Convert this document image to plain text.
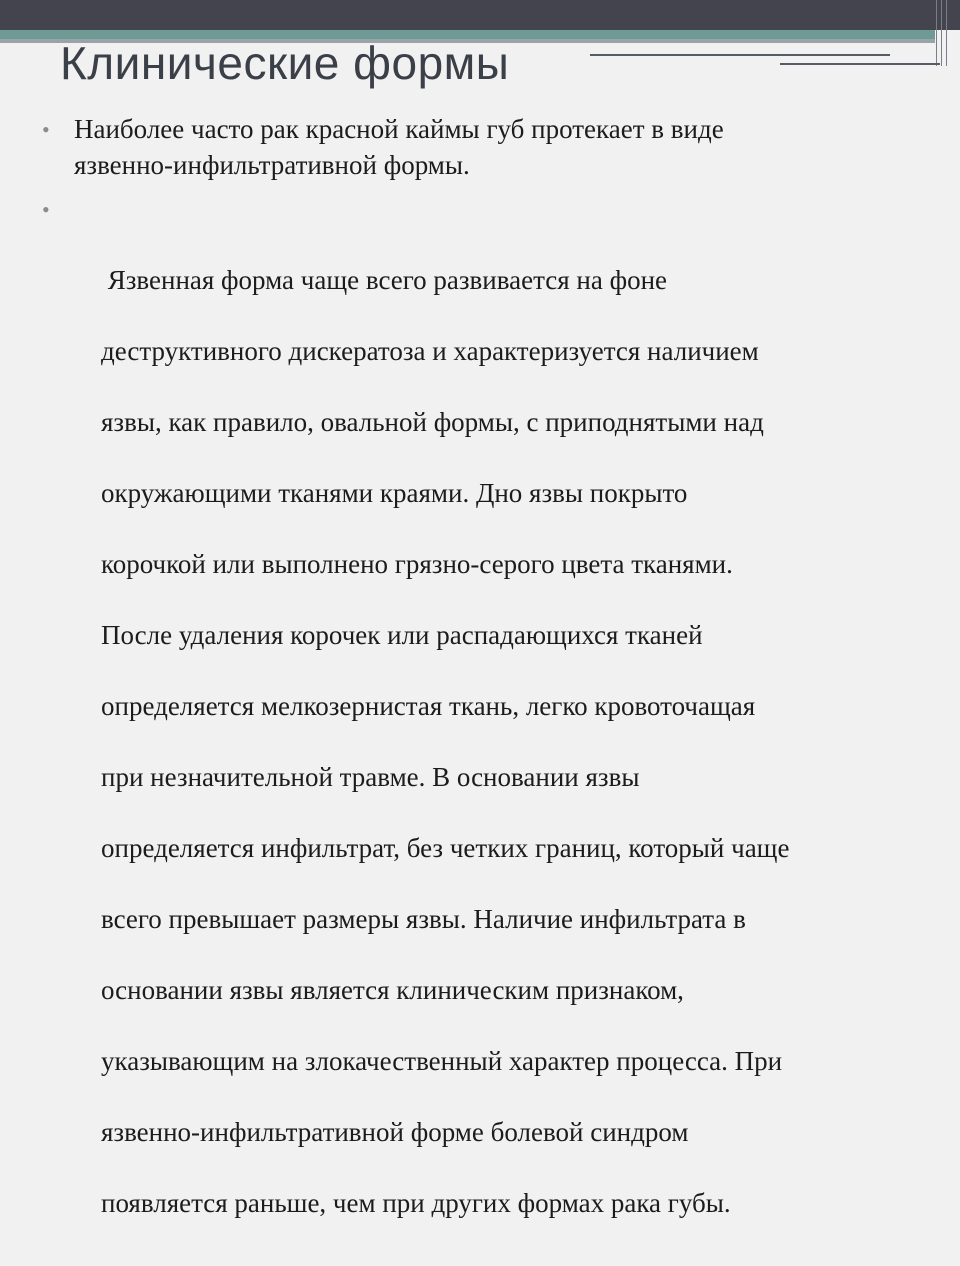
Клинические формы
• Наиболее часто рак красной каймы губ протекает в виде
язвенно-инфильтративной формы.

•

Язвенная форма чаще всего развивается на фоне

деструктивного дискератоза и характеризуется наличием

язвы, как правило, овальной формы, с приподнятыми над

окружающими тканями краями. Дно язвы покрыто

корочкой или выполнено грязно-серого цвета тканями.

После удаления корочек или распадающихся тканей

определяется мелкозернистая ткань, легко кровоточащая

при незначительной травме. В основании язвы

определяется инфильтрат, без четких границ, который чаще

всего превышает размеры язвы. Наличие инфильтрата в

основании язвы является клиническим признаком,

указывающим на злокачественный характер процесса. При

язвенно-инфильтративной форме болевой синдром

появляется раньше, чем при других формах рака губы.
